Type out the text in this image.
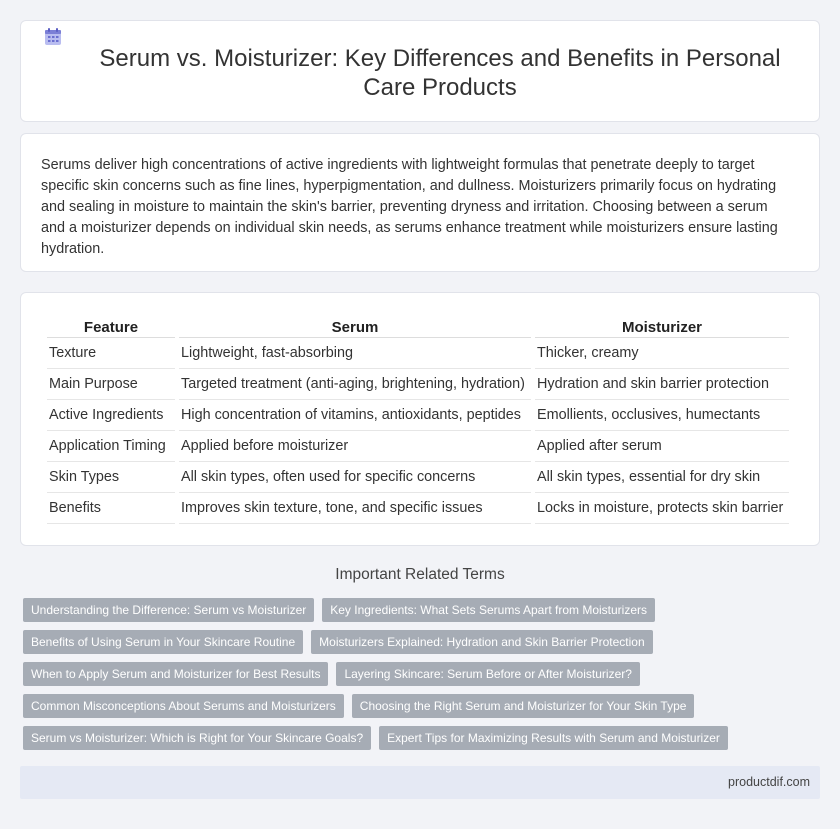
Serum vs. Moisturizer: Key Differences and Benefits in Personal Care Products

Serums deliver high concentrations of active ingredients with lightweight formulas that penetrate deeply to target specific skin concerns such as fine lines, hyperpigmentation, and dullness. Moisturizers primarily focus on hydrating and sealing in moisture to maintain the skin's barrier, preventing dryness and irritation. Choosing between a serum and a moisturizer depends on individual skin needs, as serums enhance treatment while moisturizers ensure lasting hydration.

Feature	Serum	Moisturizer
Texture	Lightweight, fast-absorbing	Thicker, creamy
Main Purpose	Targeted treatment (anti-aging, brightening, hydration)	Hydration and skin barrier protection
Active Ingredients	High concentration of vitamins, antioxidants, peptides	Emollients, occlusives, humectants
Application Timing	Applied before moisturizer	Applied after serum
Skin Types	All skin types, often used for specific concerns	All skin types, essential for dry skin
Benefits	Improves skin texture, tone, and specific issues	Locks in moisture, protects skin barrier
Important Related Terms
Understanding the Difference: Serum vs Moisturizer	Key Ingredients: What Sets Serums Apart from Moisturizers
Benefits of Using Serum in Your Skincare Routine	Moisturizers Explained: Hydration and Skin Barrier Protection
When to Apply Serum and Moisturizer for Best Results	Layering Skincare: Serum Before or After Moisturizer?
Common Misconceptions About Serums and Moisturizers	Choosing the Right Serum and Moisturizer for Your Skin Type
Serum vs Moisturizer: Which is Right for Your Skincare Goals?	Expert Tips for Maximizing Results with Serum and Moisturizer
productdif.com
